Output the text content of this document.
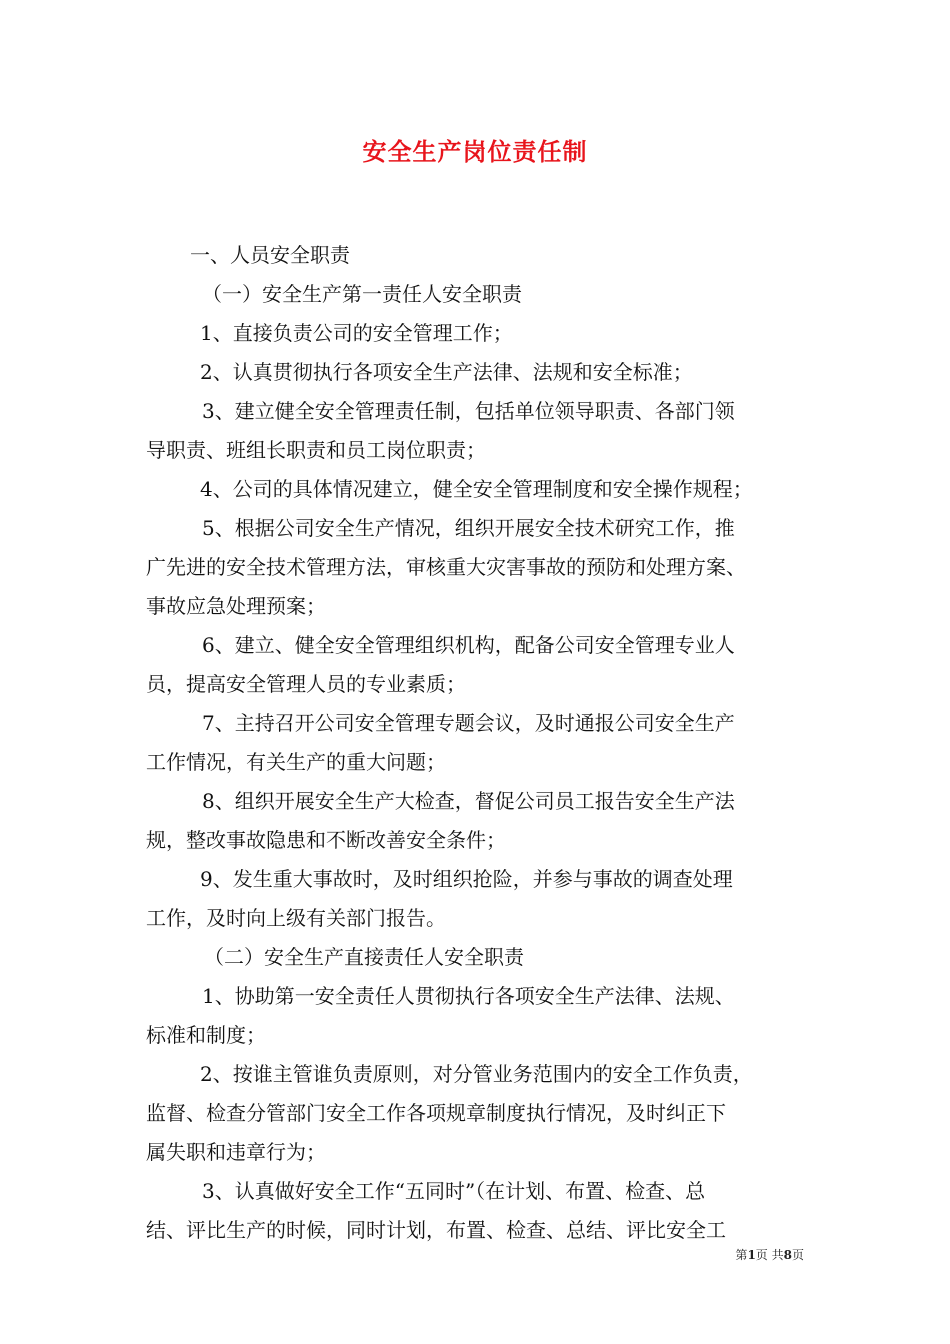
安全生产岗位责任制
一、人员安全职责
（一）安全生产第一责任人安全职责
1、直接负责公司的安全管理工作；
2、认真贯彻执行各项安全生产法律、法规和安全标准；
3、建立健全安全管理责任制，包括单位领导职责、各部门领
导职责、班组长职责和员工岗位职责；
4、公司的具体情况建立，健全安全管理制度和安全操作规程；
5、根据公司安全生产情况，组织开展安全技术研究工作，推
广先进的安全技术管理方法，审核重大灾害事故的预防和处理方案、
事故应急处理预案；
6、建立、健全安全管理组织机构，配备公司安全管理专业人
员，提高安全管理人员的专业素质；
7、主持召开公司安全管理专题会议，及时通报公司安全生产
工作情况，有关生产的重大问题；
8、组织开展安全生产大检查，督促公司员工报告安全生产法
规，整改事故隐患和不断改善安全条件；
9、发生重大事故时，及时组织抢险，并参与事故的调查处理
工作，及时向上级有关部门报告。
（二）安全生产直接责任人安全职责
1、协助第一安全责任人贯彻执行各项安全生产法律、法规、
标准和制度；
2、按谁主管谁负责原则，对分管业务范围内的安全工作负责，
监督、检查分管部门安全工作各项规章制度执行情况，及时纠正下
属失职和违章行为；
3、认真做好安全工作“五同时”（在计划、布置、检查、总
结、评比生产的时候，同时计划，布置、检查、总结、评比安全工
第1页 共8页
